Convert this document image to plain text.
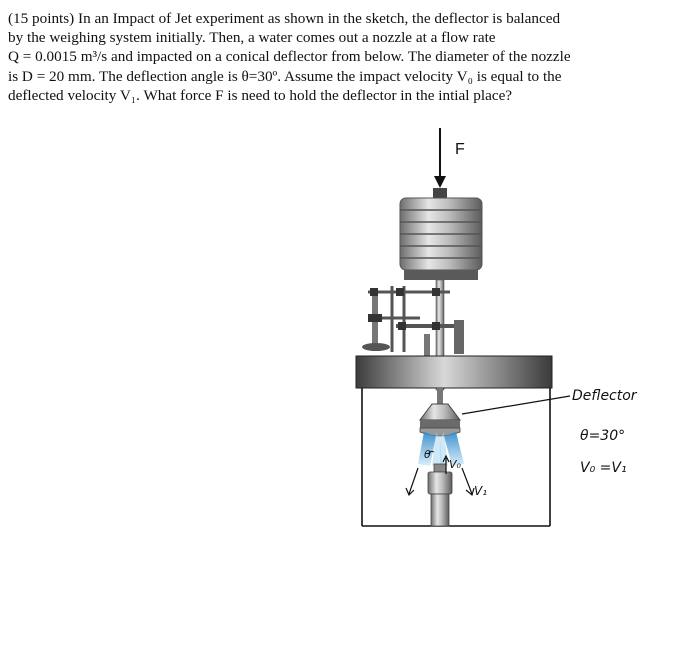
(15 points) In an Impact of Jet experiment as shown in the sketch, the deflector is balanced
by the weighing system initially. Then, a water comes out a nozzle at a flow rate
Q = 0.0015 m³/s and impacted on a conical deflector from below. The diameter of the nozzle
is D = 20 mm. The deflection angle is θ=30º. Assume the impact velocity V₀ is equal to the
deflected velocity V₁. What force F is need to hold the deflector in the intial place?
F
θ
V₀
V₁
Deflector
θ=30°
V₀ =V₁
